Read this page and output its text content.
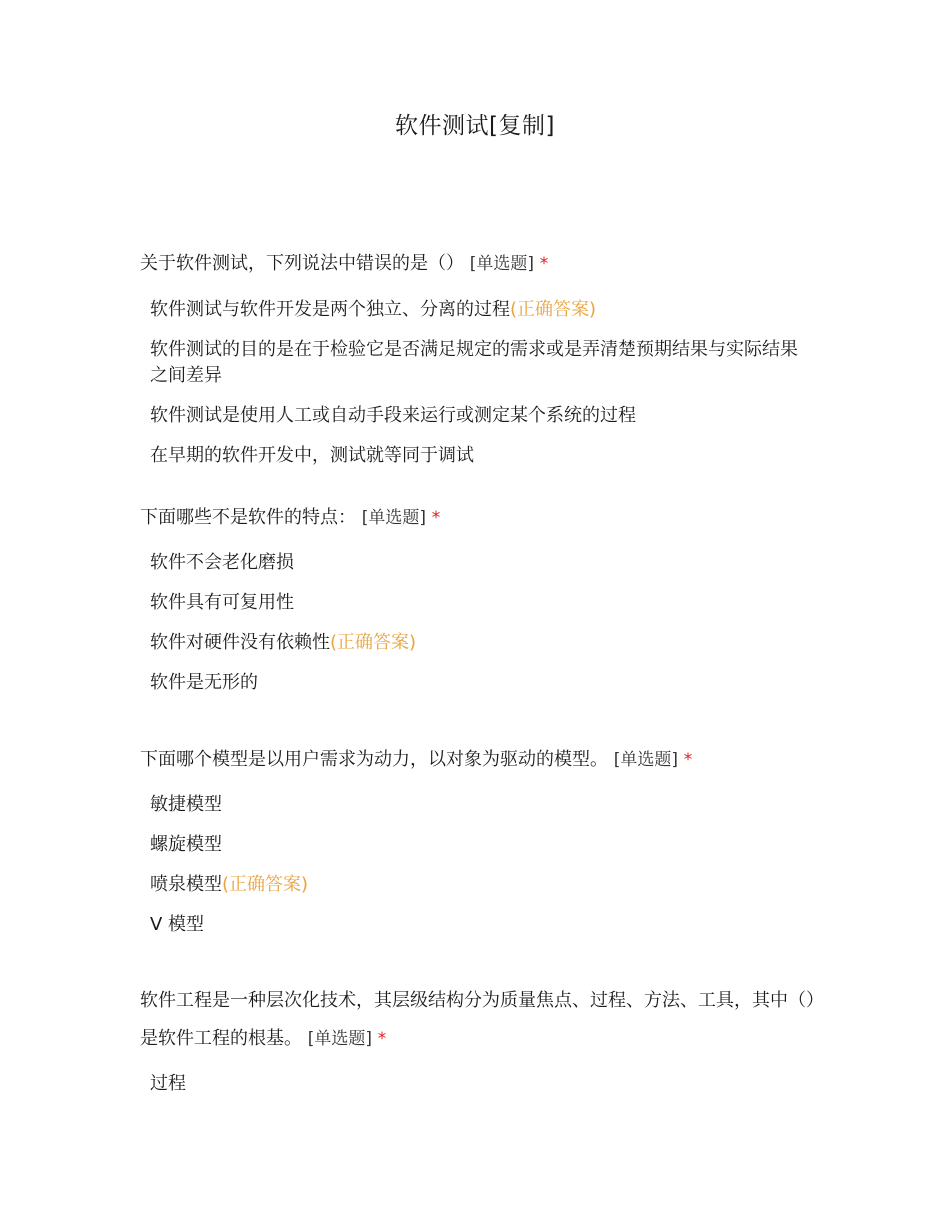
软件测试[复制]

关于软件测试，下列说法中错误的是（） [单选题] *

软件测试与软件开发是两个独立、分离的过程(正确答案)
软件测试的目的是在于检验它是否满足规定的需求或是弄清楚预期结果与实际结果之间差异
软件测试是使用人工或自动手段来运行或测定某个系统的过程
在早期的软件开发中，测试就等同于调试

下面哪些不是软件的特点： [单选题] *

软件不会老化磨损
软件具有可复用性
软件对硬件没有依赖性(正确答案)
软件是无形的

下面哪个模型是以用户需求为动力，以对象为驱动的模型。 [单选题] *

敏捷模型
螺旋模型
喷泉模型(正确答案)
V 模型

软件工程是一种层次化技术，其层级结构分为质量焦点、过程、方法、工具，其中（）是软件工程的根基。 [单选题] *

过程
